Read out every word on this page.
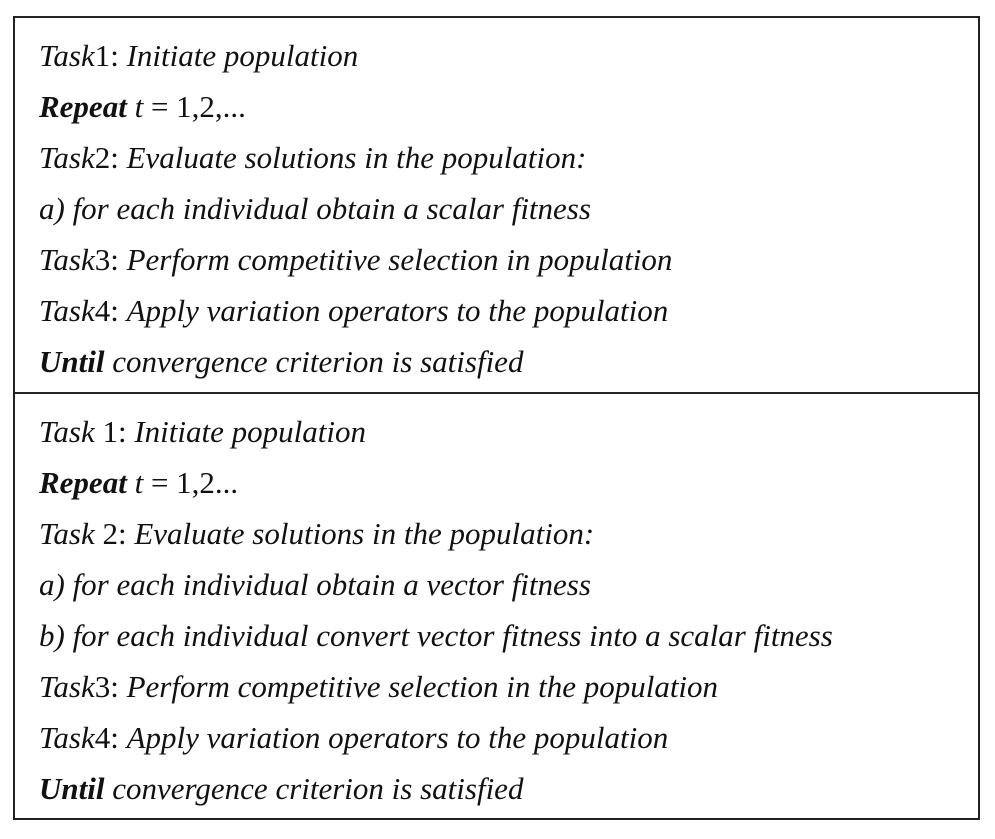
Task1: Initiate population
Repeat t = 1,2,...
Task2: Evaluate solutions in the population:
a) for each individual obtain a scalar fitness
Task3: Perform competitive selection in population
Task4: Apply variation operators to the population
Until convergence criterion is satisfied
Task 1: Initiate population
Repeat t = 1,2...
Task 2: Evaluate solutions in the population:
a) for each individual obtain a vector fitness
b) for each individual convert vector fitness into a scalar fitness
Task3: Perform competitive selection in the population
Task4: Apply variation operators to the population
Until convergence criterion is satisfied
